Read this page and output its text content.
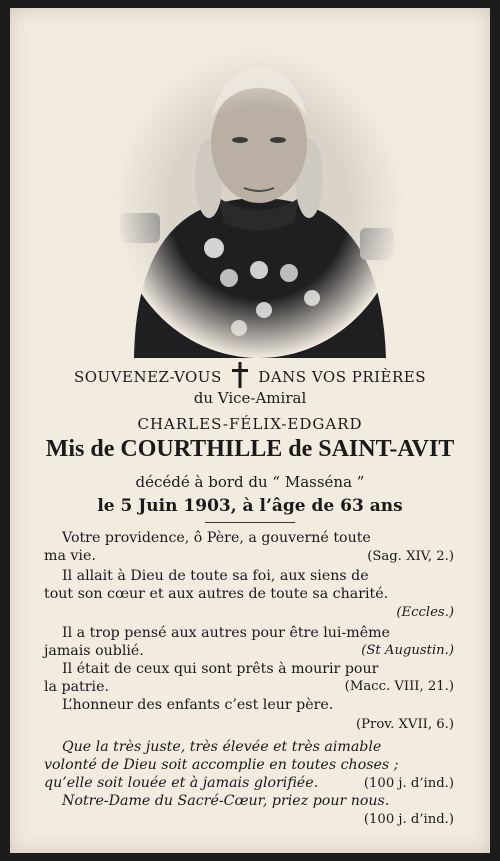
SOUVENEZ-VOUS DANS VOS PRIÈRES
du Vice-Amiral
CHARLES-FÉLIX-EDGARD
Mis de COURTHILLE de SAINT-AVIT
décédé à bord du “ Masséna ”
le 5 Juin 1903, à l’âge de 63 ans
Votre providence, ô Père, a gouverné toute
ma vie.	(Sag. XIV, 2.)
Il allait à Dieu de toute sa foi, aux siens de
tout son cœur et aux autres de toute sa charité.
(Eccles.)
Il a trop pensé aux autres pour être lui-même
jamais oublié.	(St Augustin.)
Il était de ceux qui sont prêts à mourir pour
la patrie.	(Macc. VIII, 21.)
L’honneur des enfants c’est leur père.
(Prov. XVII, 6.)
Que la très juste, très élevée et très aimable
volonté de Dieu soit accomplie en toutes choses ;
qu’elle soit louée et à jamais glorifiée.	(100 j. d’ind.)
Notre-Dame du Sacré-Cœur, priez pour nous.
(100 j. d’ind.)
